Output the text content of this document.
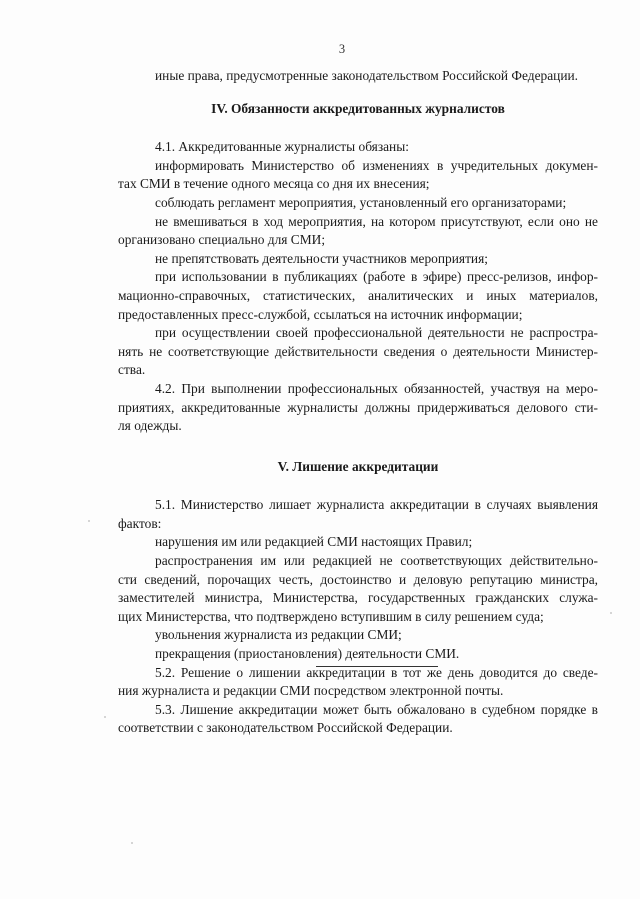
3

иные права, предусмотренные законодательством Российской Федерации.

IV. Обязанности аккредитованных журналистов

4.1. Аккредитованные журналисты обязаны:

информировать Министерство об изменениях в учредительных докумен-
тах СМИ в течение одного месяца со дня их внесения;

соблюдать регламент мероприятия, установленный его организаторами;

не вмешиваться в ход мероприятия, на котором присутствуют, если оно не
организовано специально для СМИ;

не препятствовать деятельности участников мероприятия;

при использовании в публикациях (работе в эфире) пресс-релизов, инфор-
мационно-справочных, статистических, аналитических и иных материалов,
предоставленных пресс-службой, ссылаться на источник информации;

при осуществлении своей профессиональной деятельности не распростра-
нять не соответствующие действительности сведения о деятельности Министер-
ства.

4.2. При выполнении профессиональных обязанностей, участвуя на меро-
приятиях, аккредитованные журналисты должны придерживаться делового сти-
ля одежды.

V. Лишение аккредитации

5.1. Министерство лишает журналиста аккредитации в случаях выявления
фактов:

нарушения им или редакцией СМИ настоящих Правил;

распространения им или редакцией не соответствующих действительно-
сти сведений, порочащих честь, достоинство и деловую репутацию министра,
заместителей министра, Министерства, государственных гражданских служа-
щих Министерства, что подтверждено вступившим в силу решением суда;

увольнения журналиста из редакции СМИ;

прекращения (приостановления) деятельности СМИ.

5.2. Решение о лишении аккредитации в тот же день доводится до сведе-
ния журналиста и редакции СМИ посредством электронной почты.

5.3. Лишение аккредитации может быть обжаловано в судебном порядке в
соответствии с законодательством Российской Федерации.
